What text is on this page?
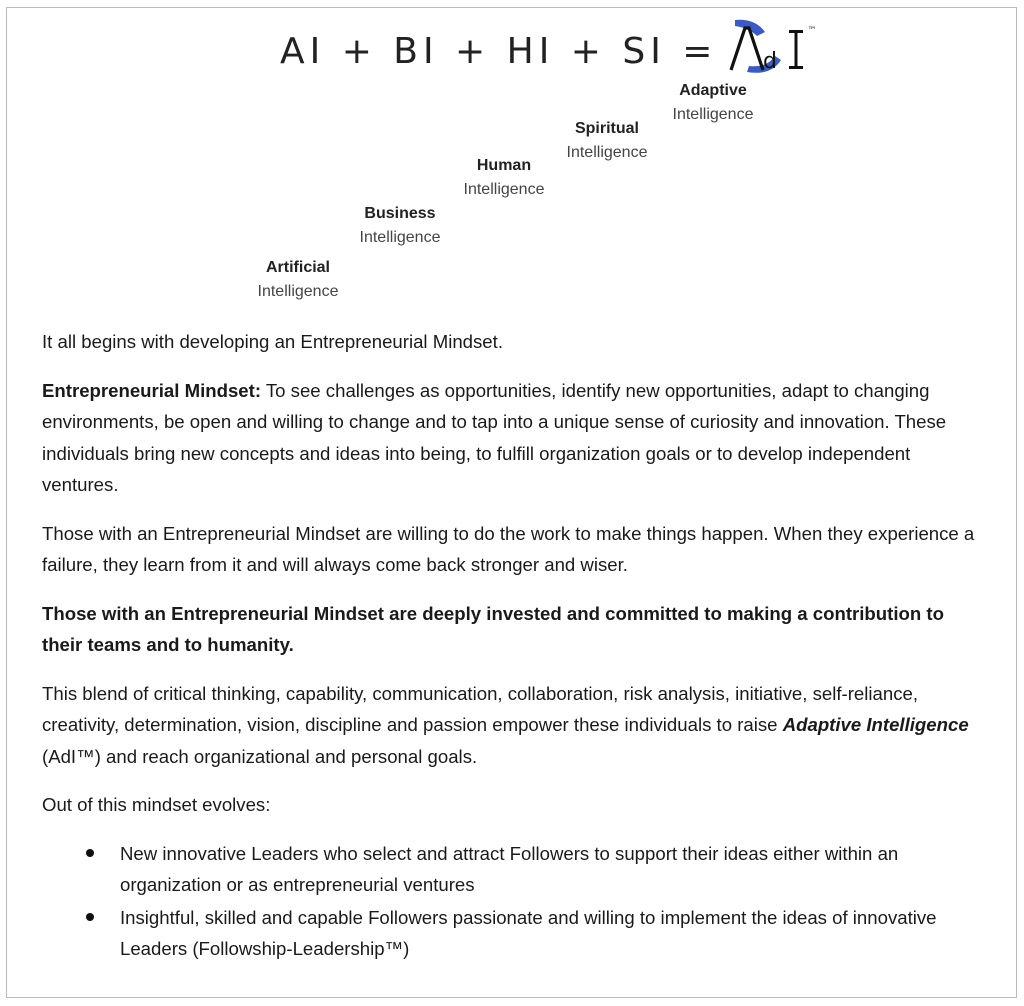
AI + BI + HI + SI = d
™
Artificial
Intelligence
Business
Intelligence
Human
Intelligence
Spiritual
Intelligence
Adaptive
Intelligence

It all begins with developing an Entrepreneurial Mindset.

Entrepreneurial Mindset: To see challenges as opportunities, identify new opportunities, adapt to changing environments, be open and willing to change and to tap into a unique sense of curiosity and innovation. These individuals bring new concepts and ideas into being, to fulfill organization goals or to develop independent ventures.

Those with an Entrepreneurial Mindset are willing to do the work to make things happen. When they experience a failure, they learn from it and will always come back stronger and wiser.

Those with an Entrepreneurial Mindset are deeply invested and committed to making a contribution to their teams and to humanity.

This blend of critical thinking, capability, communication, collaboration, risk analysis, initiative, self-reliance, creativity, determination, vision, discipline and passion empower these individuals to raise Adaptive Intelligence (AdI™) and reach organizational and personal goals.

Out of this mindset evolves:

New innovative Leaders who select and attract Followers to support their ideas either within an organization or as entrepreneurial ventures
Insightful, skilled and capable Followers passionate and willing to implement the ideas of innovative Leaders (Followship-Leadership™)
